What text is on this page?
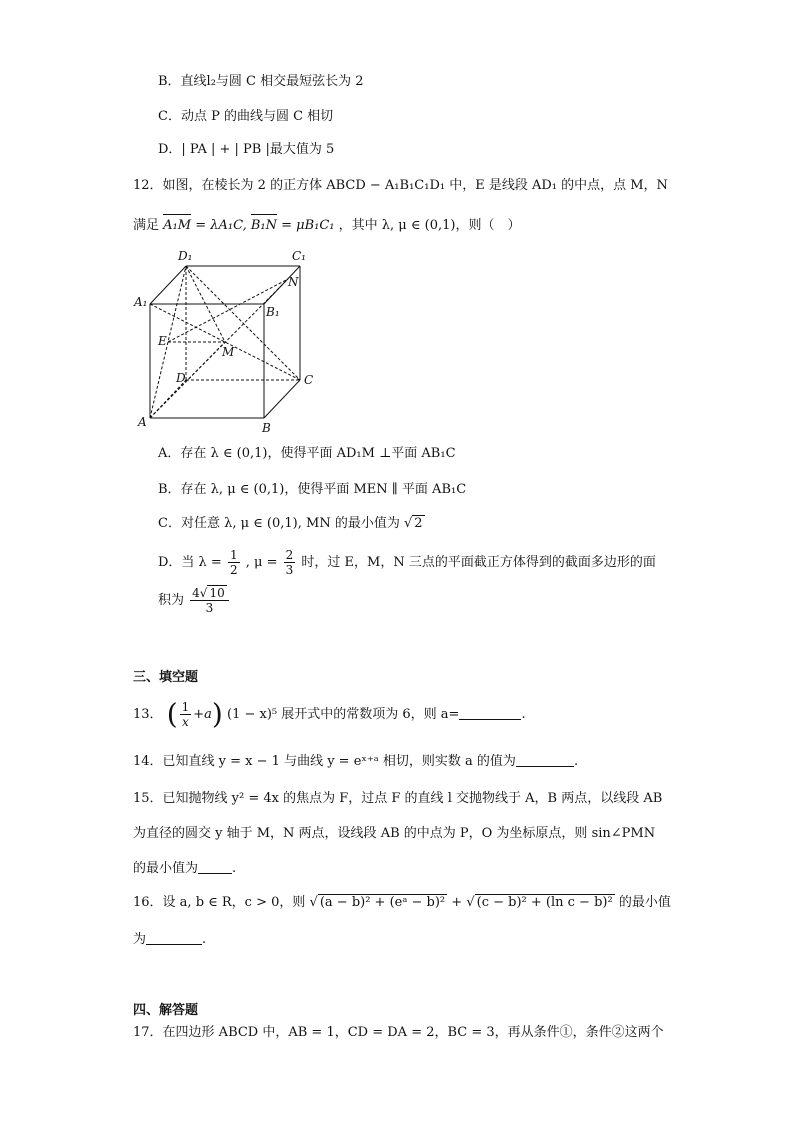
B．直线l₂与圆 C 相交最短弦长为 2
C．动点 P 的曲线与圆 C 相切
D．| PA | + | PB |最大值为 5
12．如图，在棱长为 2 的正方体 ABCD − A₁B₁C₁D₁ 中，E 是线段 AD₁ 的中点，点 M，N
满足 A₁M = λA₁C, B₁N = μB₁C₁ ，其中 λ, μ ∈ (0,1)，则（　）
D₁	C₁
A₁
B₁
N
E
M
D	C
A	B
A．存在 λ ∈ (0,1)，使得平面 AD₁M ⊥平面 AB₁C
B．存在 λ, μ ∈ (0,1)，使得平面 MEN ∥ 平面 AB₁C
C．对任意 λ, μ ∈ (0,1), MN 的最小值为 √ 2
D．当 $\lambda = \frac{1}{2}$ , $\mu = \frac{2}{3}$ 时，过 E，M，N 三点的平面截正方体得到的截面多边形的面
积为 $\frac{4√ 10}{3}$
三、填空题
13． ( $\frac{1}{x} +a$) (1 − x)⁵ 展开式中的常数项为 6，则 a=	.
14．已知直线 y = x − 1 与曲线 y = eˣ⁺ᵃ 相切，则实数 a 的值为	.
15．已知抛物线 y² = 4x 的焦点为 F，过点 F 的直线 l 交抛物线于 A，B 两点，以线段 AB
为直径的圆交 y 轴于 M，N 两点，设线段 AB 的中点为 P，O 为坐标原点，则 sin∠PMN
的最小值为	.
16．设 a, b ∈ R，c > 0，则 √ (a − b)² + (eᵃ − b)² + √ (c − b)² + (ln c − b)² 的最小值
为	.
四、解答题
17．在四边形 ABCD 中，AB = 1，CD = DA = 2，BC = 3，再从条件①，条件②这两个
